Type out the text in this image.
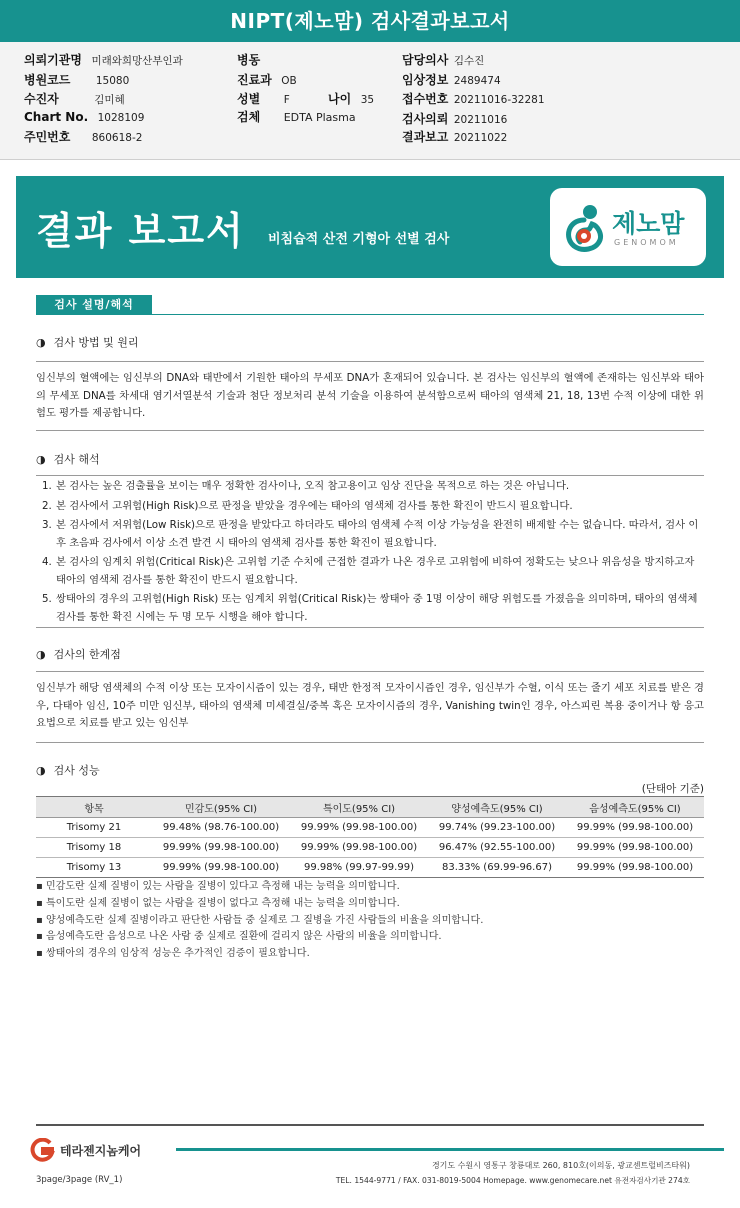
NIPT(제노맘) 검사결과보고서
의뢰기관명 미래와희망산부인과
병원코드 15080
수진자	김미혜
Chart No. 1028109
주민번호 860618-2
병동
진료과 OB
성별 F	나이 35
검체 EDTA Plasma
담당의사 김수진
임상정보 2489474
접수번호 20211016-32281
검사의뢰 20211016
결과보고 20211022
결과 보고서 비침습적 산전 기형아 선별 검사
제노맘
GENOMOM
검사 설명/해석
◑ 검사 방법 및 원리
임신부의 혈액에는 임신부의 DNA와 태반에서 기원한 태아의 무세포 DNA가 혼재되어 있습니다. 본 검사는 임신부의 혈액에 존재하는 임신부와 태아의 무세포 DNA를 차세대 염기서열분석 기술과 첨단 정보처리 분석 기술을 이용하여 분석함으로써 태아의 염색체 21, 18, 13번 수적 이상에 대한 위험도 평가를 제공합니다.
◑ 검사 해석
1. 본 검사는 높은 검출률을 보이는 매우 정확한 검사이나, 오직 참고용이고 임상 진단을 목적으로 하는 것은 아닙니다.
2. 본 검사에서 고위험(High Risk)으로 판정을 받았을 경우에는 태아의 염색체 검사를 통한 확진이 반드시 필요합니다.
3. 본 검사에서 저위험(Low Risk)으로 판정을 받았다고 하더라도 태아의 염색체 수적 이상 가능성을 완전히 배제할 수는 없습니다. 따라서, 검사 이후 초음파 검사에서 이상 소견 발견 시 태아의 염색체 검사를 통한 확진이 필요합니다.
4. 본 검사의 임계치 위험(Critical Risk)은 고위험 기준 수치에 근접한 결과가 나온 경우로 고위험에 비하여 정확도는 낮으나 위음성을 방지하고자 태아의 염색체 검사를 통한 확진이 반드시 필요합니다.
5. 쌍태아의 경우의 고위험(High Risk) 또는 임계치 위험(Critical Risk)는 쌍태아 중 1명 이상이 해당 위험도를 가졌음을 의미하며, 태아의 염색체 검사를 통한 확진 시에는 두 명 모두 시행을 해야 합니다.
◑ 검사의 한계점
임신부가 해당 염색체의 수적 이상 또는 모자이시즘이 있는 경우, 태반 한정적 모자이시즘인 경우, 임신부가 수혈, 이식 또는 줄기 세포 치료를 받은 경우, 다태아 임신, 10주 미만 임신부, 태아의 염색체 미세결실/중복 혹은 모자이시즘의 경우, Vanishing twin인 경우, 아스피린 복용 중이거나 항 응고 요법으로 치료를 받고 있는 임신부
◑ 검사 성능
(단태아 기준)
항목	민감도(95% CI)	특이도(95% CI)	양성예측도(95% CI)	음성예측도(95% CI)
Trisomy 21	99.48% (98.76-100.00)	99.99% (99.98-100.00)	99.74% (99.23-100.00)	99.99% (99.98-100.00)
Trisomy 18	99.99% (99.98-100.00)	99.99% (99.98-100.00)	96.47% (92.55-100.00)	99.99% (99.98-100.00)
Trisomy 13	99.99% (99.98-100.00)	99.98% (99.97-99.99)	83.33% (69.99-96.67)	99.99% (99.98-100.00)
▪ 민감도란 실제 질병이 있는 사람을 질병이 있다고 측정해 내는 능력을 의미합니다.
▪ 특이도란 실제 질병이 없는 사람을 질병이 없다고 측정해 내는 능력을 의미합니다.
▪ 양성예측도란 실제 질병이라고 판단한 사람들 중 실제로 그 질병을 가진 사람들의 비율을 의미합니다.
▪ 음성예측도란 음성으로 나온 사람 중 실제로 질환에 걸리지 않은 사람의 비율을 의미합니다.
▪ 쌍태아의 경우의 임상적 성능은 추가적인 검증이 필요합니다.
테라젠지놈케어
경기도 수원시 영통구 창룡대로 260, 810호(이의동, 광교센트럴비즈타워)
TEL. 1544-9771 / FAX. 031-8019-5004 Homepage. www.genomecare.net 유전자검사기관 274호
3page/3page (RV_1)
